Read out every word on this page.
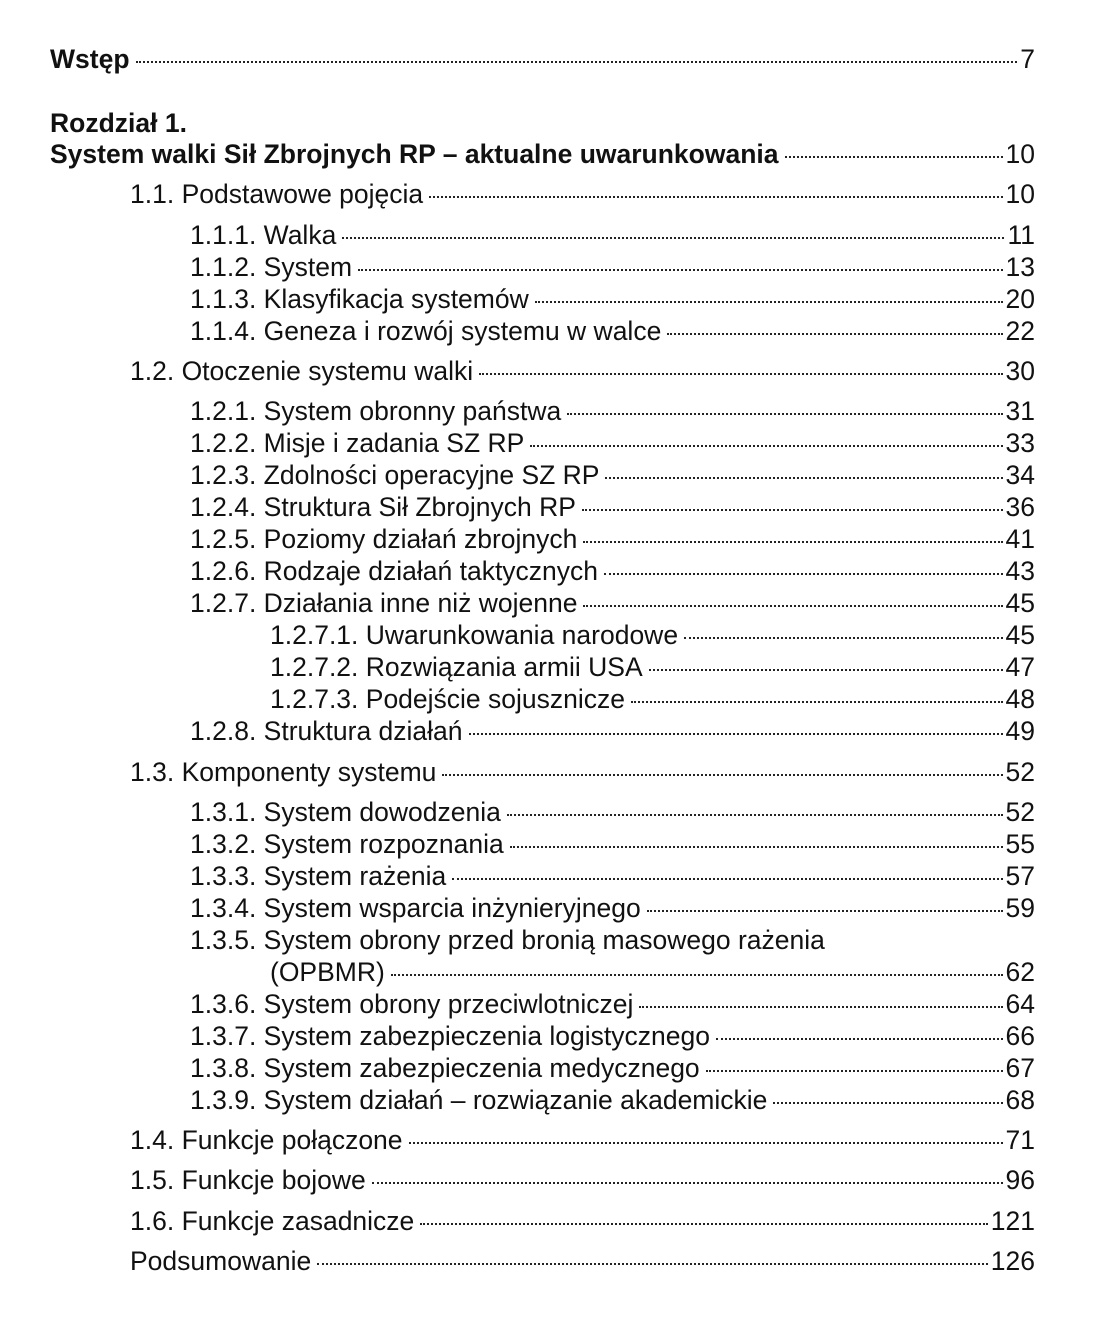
Wstęp	7
Rozdział 1.
System walki Sił Zbrojnych RP – aktualne uwarunkowania	10
1.1. Podstawowe pojęcia	10
1.1.1. Walka	11
1.1.2. System	13
1.1.3. Klasyfikacja systemów	20
1.1.4. Geneza i rozwój systemu w walce	22
1.2. Otoczenie systemu walki	30
1.2.1. System obronny państwa	31
1.2.2. Misje i zadania SZ RP	33
1.2.3. Zdolności operacyjne SZ RP	34
1.2.4. Struktura Sił Zbrojnych RP	36
1.2.5. Poziomy działań zbrojnych	41
1.2.6. Rodzaje działań taktycznych	43
1.2.7. Działania inne niż wojenne	45
1.2.7.1. Uwarunkowania narodowe	45
1.2.7.2. Rozwiązania armii USA	47
1.2.7.3. Podejście sojusznicze	48
1.2.8. Struktura działań	49
1.3. Komponenty systemu	52
1.3.1. System dowodzenia	52
1.3.2. System rozpoznania	55
1.3.3. System rażenia	57
1.3.4. System wsparcia inżynieryjnego	59
1.3.5. System obrony przed bronią masowego rażenia
(OPBMR)	62
1.3.6. System obrony przeciwlotniczej	64
1.3.7. System zabezpieczenia logistycznego	66
1.3.8. System zabezpieczenia medycznego	67
1.3.9. System działań – rozwiązanie akademickie	68
1.4. Funkcje połączone	71
1.5. Funkcje bojowe	96
1.6. Funkcje zasadnicze	121
Podsumowanie	126
